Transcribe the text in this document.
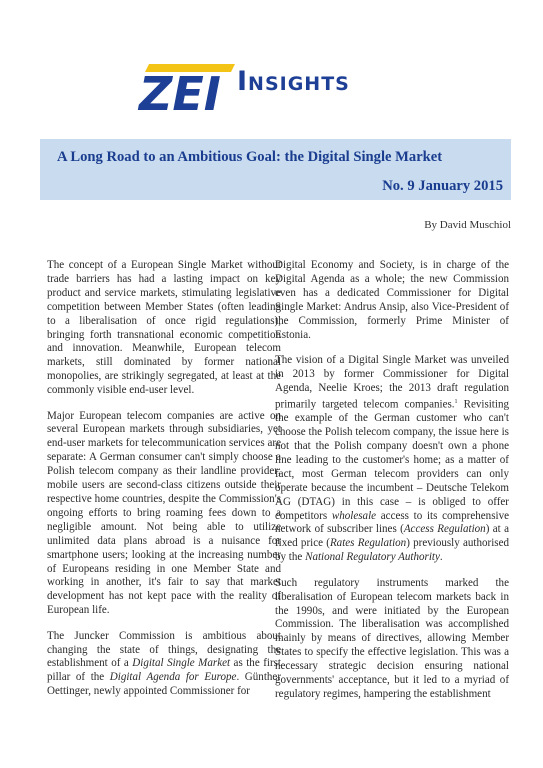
ZEI Insights
A Long Road to an Ambitious Goal: the Digital Single Market
No. 9 January 2015
By David Muschiol

The concept of a European Single Market without trade barriers has had a lasting impact on key product and service markets, stimulating legislative competition between Member States (often leading to a liberalisation of once rigid regulations), bringing forth transnational economic competition and innovation. Meanwhile, European telecom markets, still dominated by former national monopolies, are strikingly segregated, at least at the commonly visible end-user level.

Major European telecom companies are active on several European markets through subsidiaries, yet end-user markets for telecommunication services are separate: A German consumer can't simply choose a Polish telecom company as their landline provider; mobile users are second-class citizens outside their respective home countries, despite the Commission's ongoing efforts to bring roaming fees down to a negligible amount. Not being able to utilize unlimited data plans abroad is a nuisance for smartphone users; looking at the increasing number of Europeans residing in one Member State and working in another, it's fair to say that market development has not kept pace with the reality of European life.

The Juncker Commission is ambitious about changing the state of things, designating the establishment of a Digital Single Market as the first pillar of the Digital Agenda for Europe. Günther Oettinger, newly appointed Commissioner for

Digital Economy and Society, is in charge of the Digital Agenda as a whole; the new Commission even has a dedicated Commissioner for Digital Single Market: Andrus Ansip, also Vice-President of the Commission, formerly Prime Minister of Estonia.

The vision of a Digital Single Market was unveiled in 2013 by former Commissioner for Digital Agenda, Neelie Kroes; the 2013 draft regulation primarily targeted telecom companies.$^1$ Revisiting the example of the German customer who can't choose the Polish telecom company, the issue here is not that the Polish company doesn't own a phone line leading to the customer's home; as a matter of fact, most German telecom providers can only operate because the incumbent – Deutsche Telekom AG (DTAG) in this case – is obliged to offer competitors wholesale access to its comprehensive network of subscriber lines (Access Regulation) at a fixed price (Rates Regulation) previously authorised by the National Regulatory Authority.

Such regulatory instruments marked the liberalisation of European telecom markets back in the 1990s, and were initiated by the European Commission. The liberalisation was accomplished mainly by means of directives, allowing Member States to specify the effective legislation. This was a necessary strategic decision ensuring national governments' acceptance, but it led to a myriad of regulatory regimes, hampering the establishment
